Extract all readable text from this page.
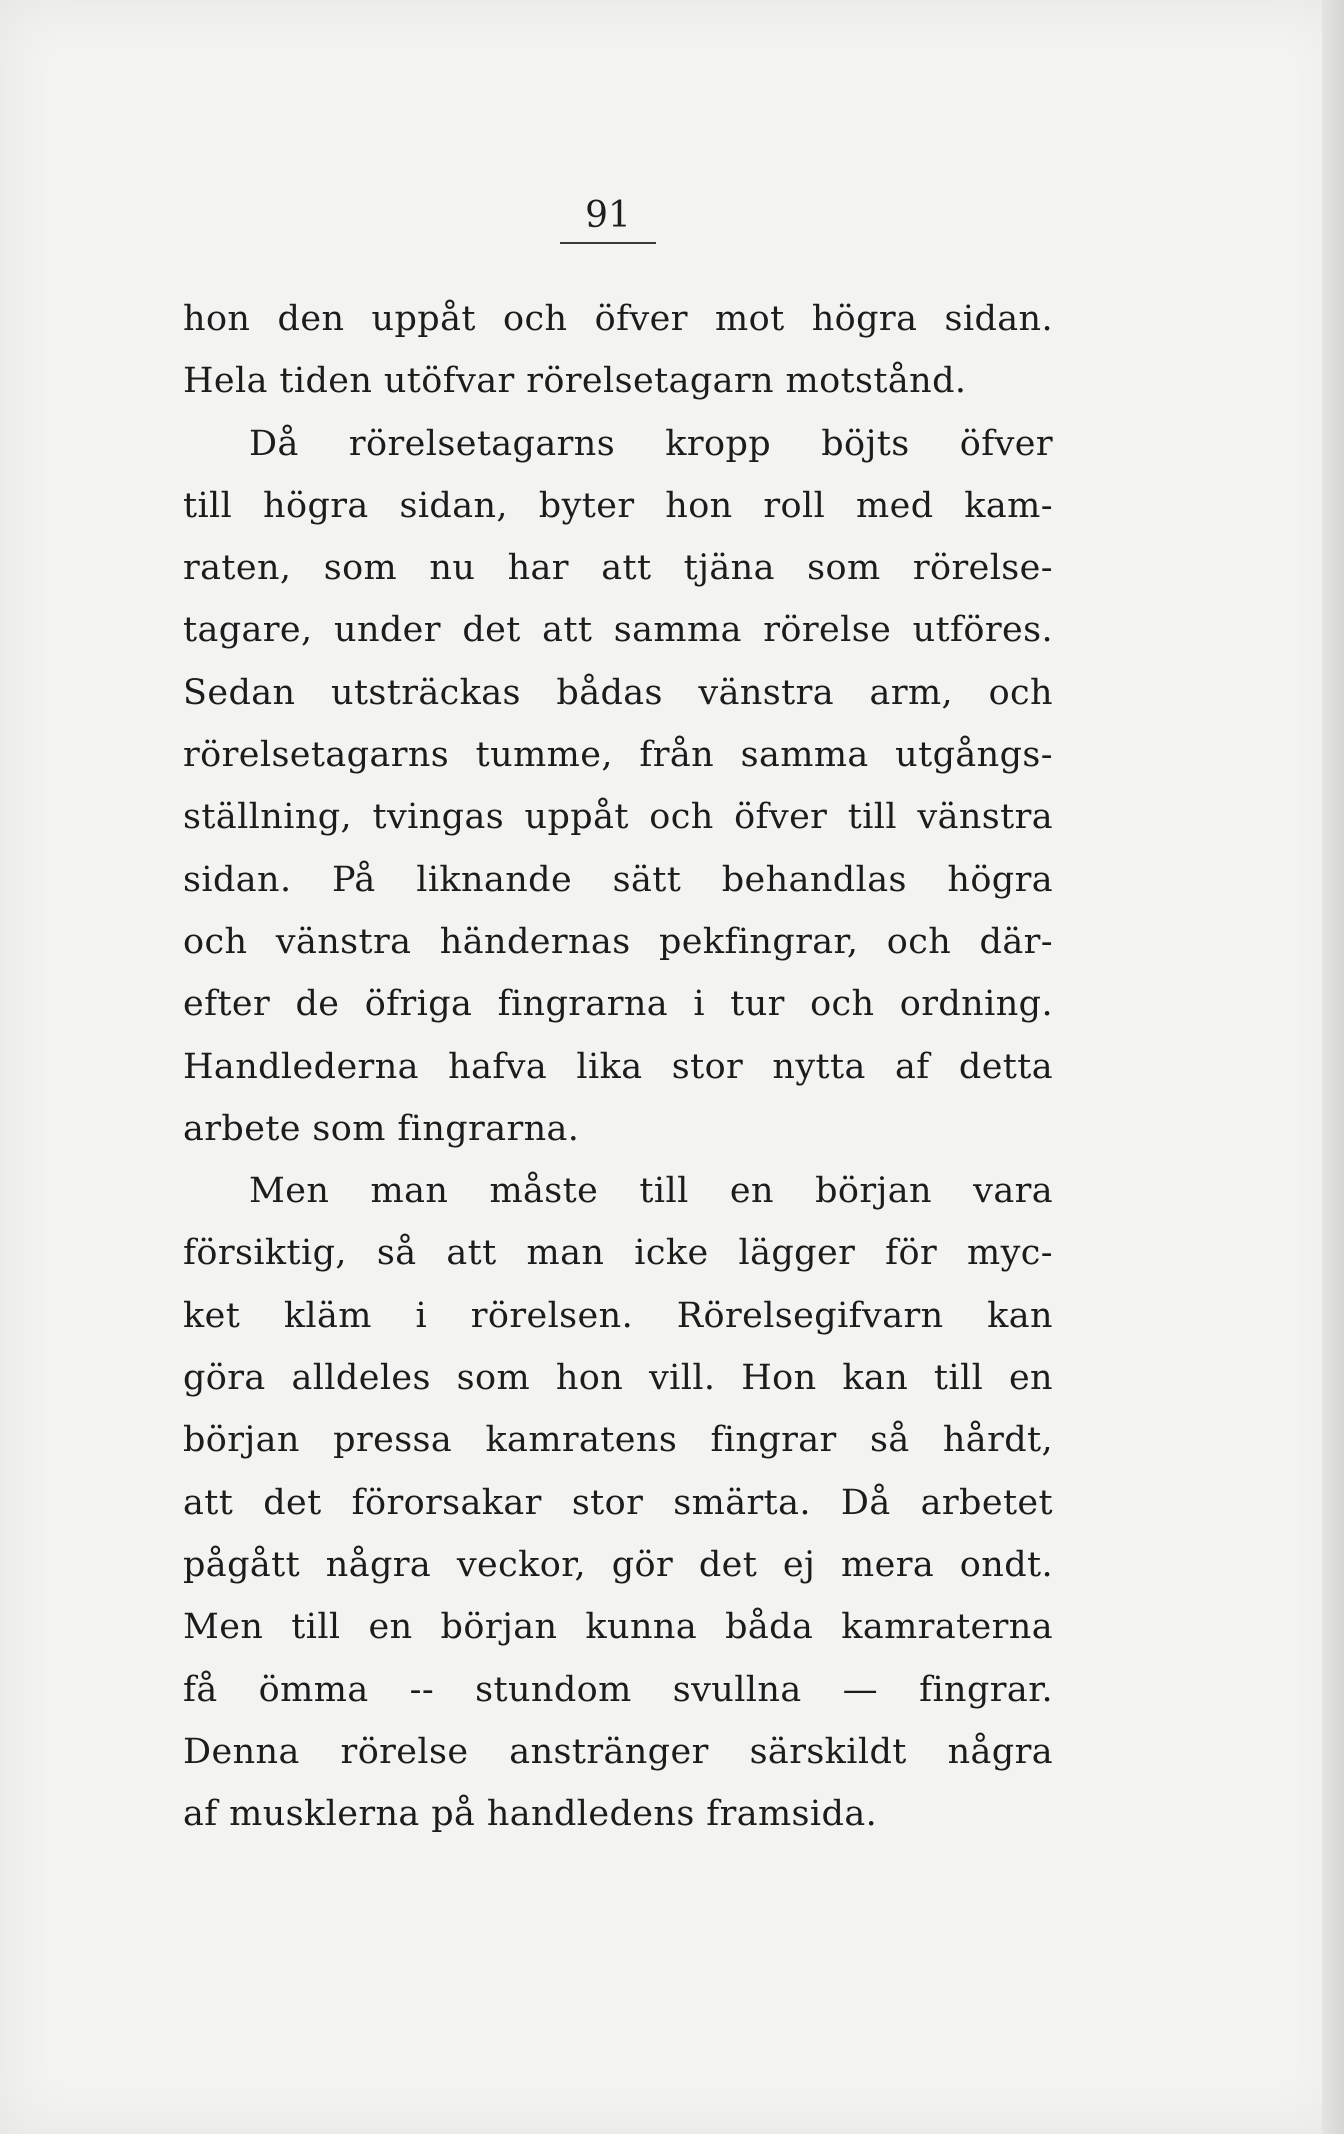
91
hon den uppåt och öfver mot högra sidan.
Hela tiden utöfvar rörelsetagarn motstånd.
Då rörelsetagarns kropp böjts öfver
till högra sidan, byter hon roll med kam-
raten, som nu har att tjäna som rörelse-
tagare, under det att samma rörelse utföres.
Sedan utsträckas bådas vänstra arm, och
rörelsetagarns tumme, från samma utgångs-
ställning, tvingas uppåt och öfver till vänstra
sidan. På liknande sätt behandlas högra
och vänstra händernas pekfingrar, och där-
efter de öfriga fingrarna i tur och ordning.
Handlederna hafva lika stor nytta af detta
arbete som fingrarna.
Men man måste till en början vara
försiktig, så att man icke lägger för myc-
ket kläm i rörelsen. Rörelsegifvarn kan
göra alldeles som hon vill. Hon kan till en
början pressa kamratens fingrar så hårdt,
att det förorsakar stor smärta. Då arbetet
pågått några veckor, gör det ej mera ondt.
Men till en början kunna båda kamraterna
få ömma -- stundom svullna — fingrar.
Denna rörelse anstränger särskildt några
af musklerna på handledens framsida.
